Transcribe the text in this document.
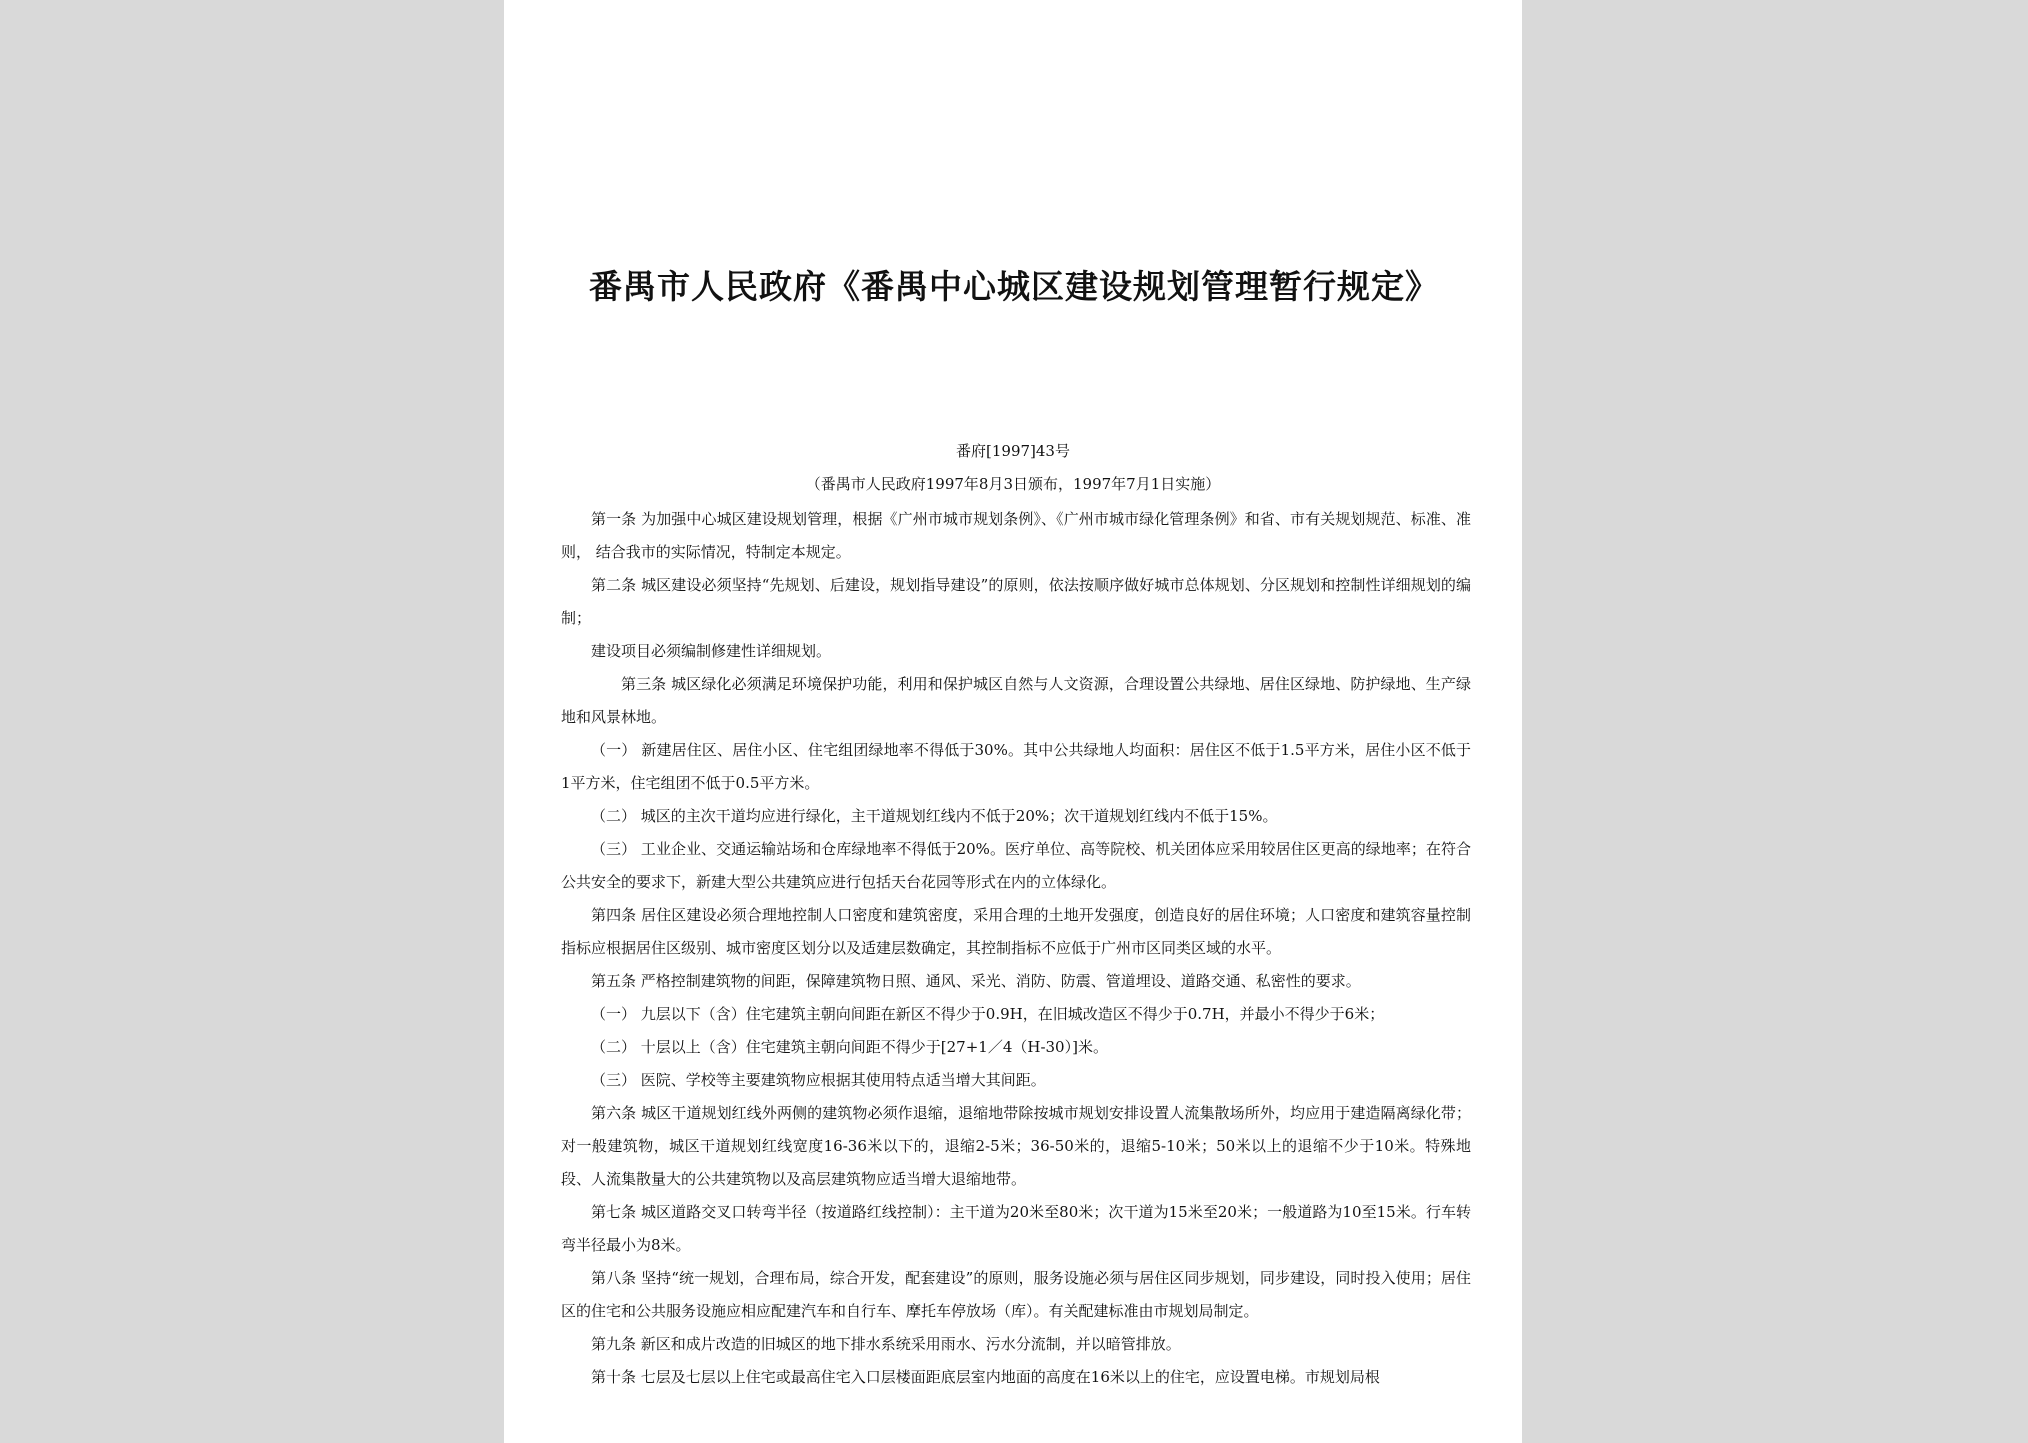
番禺市人民政府《番禺中心城区建设规划管理暂行规定》
番府[1997]43号
（番禺市人民政府1997年8月3日颁布，1997年7月1日实施）

第一条 为加强中心城区建设规划管理，根据《广州市城市规划条例》、《广州市城市绿化管理条例》和省、市有关规划规范、标准、准则， 结合我市的实际情况，特制定本规定。

第二条 城区建设必须坚持“先规划、后建设，规划指导建设”的原则，依法按顺序做好城市总体规划、分区规划和控制性详细规划的编制；

建设项目必须编制修建性详细规划。

第三条 城区绿化必须满足环境保护功能，利用和保护城区自然与人文资源，合理设置公共绿地、居住区绿地、防护绿地、生产绿地和风景林地。

（一） 新建居住区、居住小区、住宅组团绿地率不得低于30%。其中公共绿地人均面积：居住区不低于1.5平方米，居住小区不低于1平方米，住宅组团不低于0.5平方米。

（二） 城区的主次干道均应进行绿化，主干道规划红线内不低于20%；次干道规划红线内不低于15%。

（三） 工业企业、交通运输站场和仓库绿地率不得低于20%。医疗单位、高等院校、机关团体应采用较居住区更高的绿地率；在符合公共安全的要求下，新建大型公共建筑应进行包括天台花园等形式在内的立体绿化。

第四条 居住区建设必须合理地控制人口密度和建筑密度，采用合理的土地开发强度，创造良好的居住环境；人口密度和建筑容量控制指标应根据居住区级别、城市密度区划分以及适建层数确定，其控制指标不应低于广州市区同类区域的水平。

第五条 严格控制建筑物的间距，保障建筑物日照、通风、采光、消防、防震、管道埋设、道路交通、私密性的要求。

（一） 九层以下（含）住宅建筑主朝向间距在新区不得少于0.9H，在旧城改造区不得少于0.7H，并最小不得少于6米；

（二） 十层以上（含）住宅建筑主朝向间距不得少于[27+1／4（H-30）]米。

（三） 医院、学校等主要建筑物应根据其使用特点适当增大其间距。

第六条 城区干道规划红线外两侧的建筑物必须作退缩，退缩地带除按城市规划安排设置人流集散场所外，均应用于建造隔离绿化带；对一般建筑物，城区干道规划红线宽度16-36米以下的，退缩2-5米；36-50米的，退缩5-10米；50米以上的退缩不少于10米。特殊地段、人流集散量大的公共建筑物以及高层建筑物应适当增大退缩地带。

第七条 城区道路交叉口转弯半径（按道路红线控制）：主干道为20米至80米；次干道为15米至20米；一般道路为10至15米。行车转弯半径最小为8米。

第八条 坚持“统一规划，合理布局，综合开发，配套建设”的原则，服务设施必须与居住区同步规划，同步建设，同时投入使用；居住区的住宅和公共服务设施应相应配建汽车和自行车、摩托车停放场（库）。有关配建标准由市规划局制定。

第九条 新区和成片改造的旧城区的地下排水系统采用雨水、污水分流制，并以暗管排放。

第十条 七层及七层以上住宅或最高住宅入口层楼面距底层室内地面的高度在16米以上的住宅，应设置电梯。市规划局根
